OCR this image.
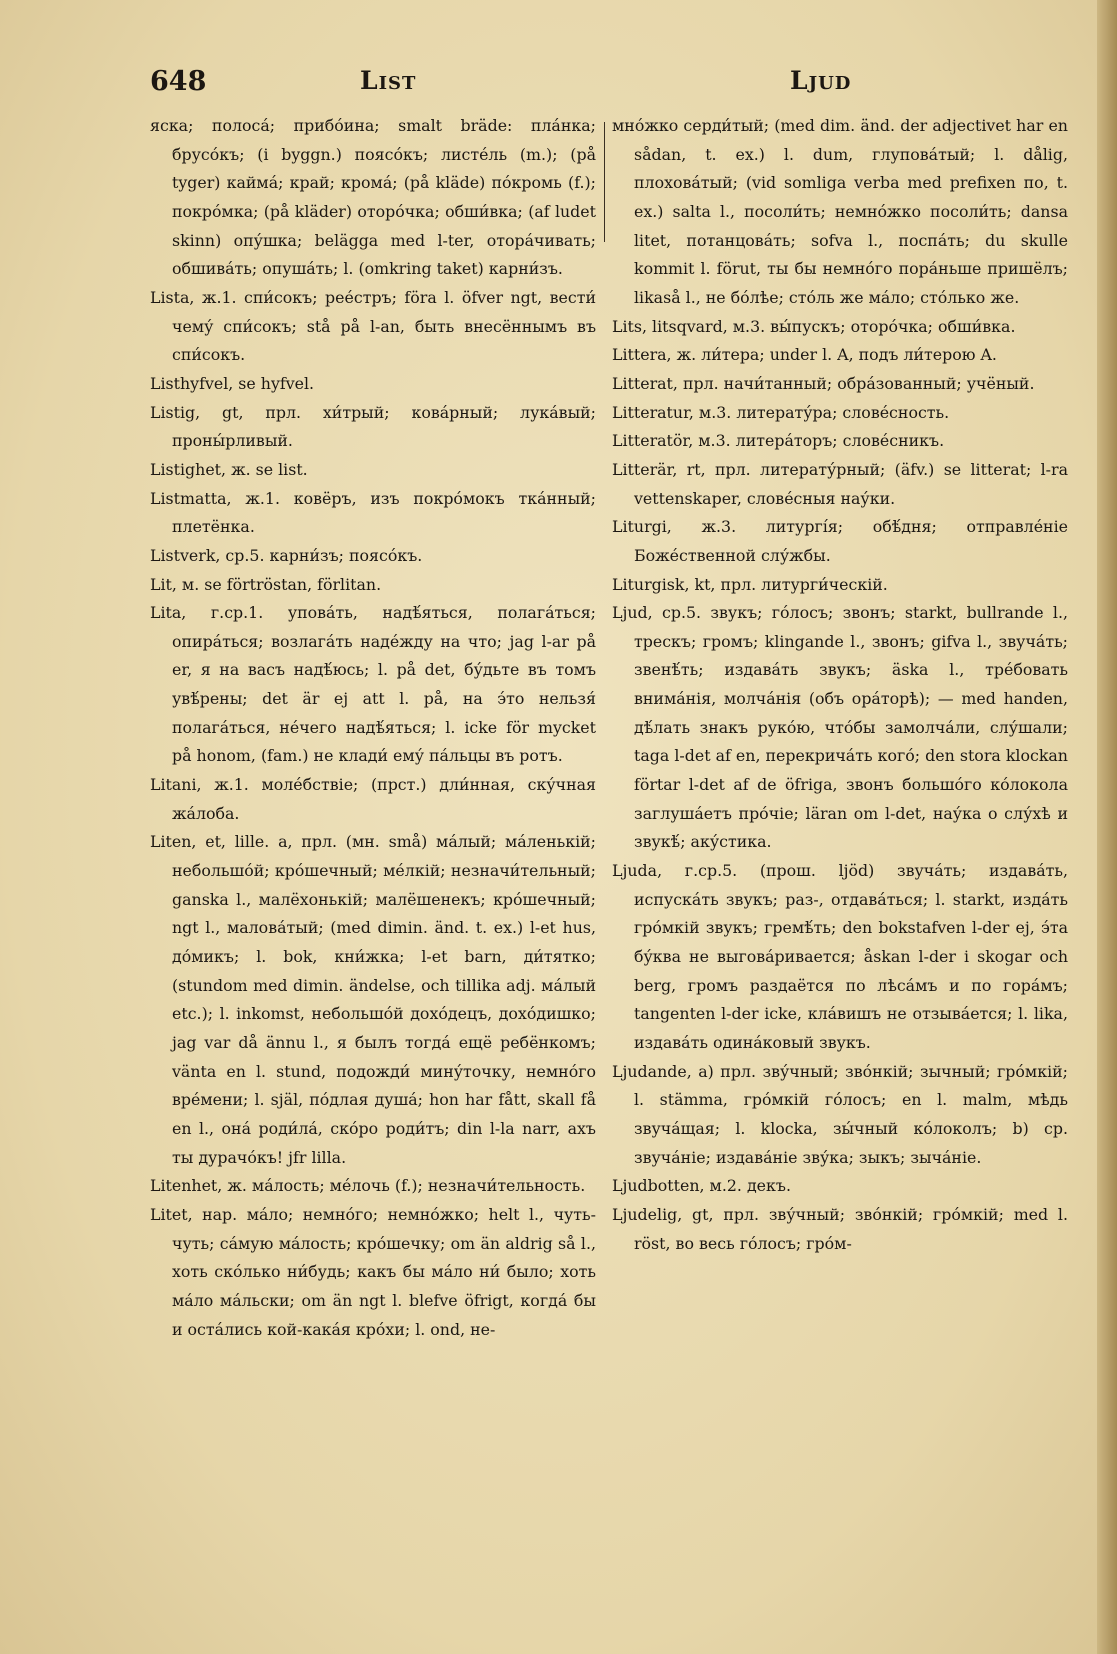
648	List	Ljud

яска; полоса́; прибо́ина; smalt bräde: пла́нка; брусо́къ; (i byggn.) поясо́къ; листе́ль (m.); (på tyger) кайма́; край; кромá; (på kläde) по́кромь (f.); покро́мка; (på kläder) оторо́чка; обши́вка; (af ludet skinn) опу́шка; belägga med l-ter, отора́чивать; обшива́ть; опуша́ть; l. (omkring taket) карни́зъ.

Lista, ж.1. спи́сокъ; рее́стръ; föra l. öfver ngt, вести́ чему́ спи́сокъ; stå på l-an, быть внесённымъ въ спи́сокъ.

Listhyfvel, se hyfvel.

Listig, gt, прл. хи́трый; кова́рный; лука́вый; проны́рливый.

Listighet, ж. se list.

Listmatta, ж.1. ковёръ, изъ покро́мокъ тка́нный; плетёнка.

Listverk, ср.5. карни́зъ; поясо́къ.

Lit, м. se förtröstan, förlitan.

Lita, г.ср.1. упова́ть, надѣ́яться, полага́ться; опира́ться; возлага́ть наде́жду на что; jag l-ar på er, я на васъ надѣ́юсь; l. på det, бу́дьте въ томъ увѣ́рены; det är ej att l. på, на э́то нельзя́ полага́ться, не́чего надѣ́яться; l. icke för mycket på honom, (fam.) не клади́ ему́ па́льцы въ ротъ.

Litani, ж.1. моле́бствіе; (прст.) дли́нная, ску́чная жа́лоба.

Liten, et, lille. a, прл. (мн. små) ма́лый; ма́ленькій; небольшо́й; кро́шечный; ме́лкій; незначи́тельный; ganska l., малёхонькій; малёшенекъ; кро́шечный; ngt l., малова́тый; (med dimin. änd. t. ex.) l-et hus, до́микъ; l. bok, кни́жка; l-et barn, ди́тятко; (stundom med dimin. ändelse, och tillika adj. ма́лый etc.); l. inkomst, небольшо́й дохо́децъ, дохо́дишко; jag var då ännu l., я былъ тогда́ ещё ребёнкомъ; vänta en l. stund, подожди́ мину́точку, немно́го вре́мени; l. själ, по́длая душа́; hon har fått, skall få en l., она́ роди́ла́, ско́ро роди́тъ; din l-la narr, ахъ ты дурачо́къ! jfr lilla.

Litenhet, ж. ма́лость; ме́лочь (f.); незначи́тельность.

Litet, нар. ма́ло; немно́го; немно́жко; helt l., чуть-чуть; са́мую ма́лость; кро́шечку; om än aldrig så l., хоть ско́лько ни́будь; какъ бы ма́ло ни́ было; хоть ма́ло ма́льски; om än ngt l. blefve öfrigt, когда́ бы и оста́лись кой-кака́я кро́хи; l. ond, не-

мно́жко серди́тый; (med dim. änd. der adjectivet har en sådan, t. ex.) l. dum, глупова́тый; l. dålig, плохова́тый; (vid somliga verba med prefixen по, t. ex.) salta l., посоли́ть; немно́жко посоли́ть; dansa litet, потанцова́ть; sofva l., поспа́ть; du skulle kommit l. förut, ты бы немно́го пора́ньше пришёлъ; likaså l., не бо́лѣе; сто́ль же ма́ло; сто́лько же.

Lits, litsqvard, м.3. вы́пускъ; оторо́чка; обши́вка.

Littera, ж. ли́тера; under l. A, подъ ли́терою A.

Litterat, прл. начи́танный; обра́зованный; учёный.

Litteratur, м.3. литерату́ра; слове́сность.

Litteratör, м.3. литера́торъ; слове́сникъ.

Litterär, rt, прл. литерату́рный; (äfv.) se litterat; l-ra vettenskaper, слове́сныя нау́ки.

Liturgi, ж.3. литургі́я; обѣ́дня; отправле́ніе Боже́ственной слу́жбы.

Liturgisk, kt, прл. литурги́ческій.

Ljud, ср.5. звукъ; го́лосъ; звонъ; starkt, bullrande l., трескъ; громъ; klingande l., звонъ; gifva l., звуча́ть; звенѣ́ть; издава́ть звукъ; äska l., тре́бовать внима́нія, молча́нія (объ ора́торѣ); — med handen, дѣ́лать знакъ руко́ю, что́бы замолча́ли, слу́шали; taga l-det af en, перекрича́ть кого́; den stora klockan förtar l-det af de öfriga, звонъ большо́го ко́локола заглуша́етъ про́чіе; läran om l-det, нау́ка о слу́хѣ и звукѣ́; аку́стика.

Ljuda, г.ср.5. (прош. ljöd) звуча́ть; издава́ть, испуска́ть звукъ; раз-, отдава́ться; l. starkt, изда́ть гро́мкій звукъ; гремѣ́ть; den bokstafven l-der ej, э́та бу́ква не выгова́ривается; åskan l-der i skogar och berg, громъ раздаётся по лѣса́мъ и по гора́мъ; tangenten l-der icke, кла́вишъ не отзыва́ется; l. lika, издава́ть одина́ковый звукъ.

Ljudande, a) прл. зву́чный; зво́нкій; зычный; гро́мкій; l. stämma, гро́мкій го́лосъ; en l. malm, мѣдь звуча́щая; l. klocka, зы́чный ко́локолъ; b) ср. звуча́ніе; издава́ніе зву́ка; зыкъ; зыча́ніе.

Ljudbotten, м.2. декъ.

Ljudelig, gt, прл. зву́чный; зво́нкій; гро́мкій; med l. röst, во весь го́лосъ; гро́м-
